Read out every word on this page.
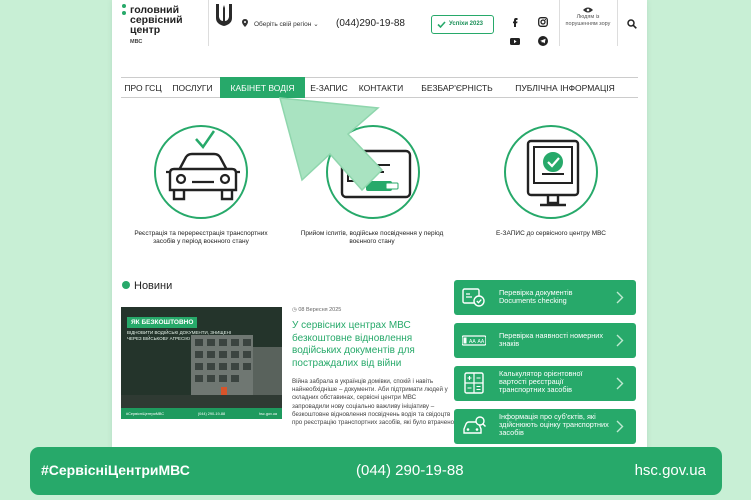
головний
сервісний
центр
МВС
Оберіть свій регіон ⌄ (044)290-19-88	Успіхи 2023
Людям із порушенням зору
ПРО ГСЦ	ПОСЛУГИ	КАБІНЕТ ВОДІЯ	Е-ЗАПИС	КОНТАКТИ	БЕЗБАР'ЄРНІСТЬ	ПУБЛІЧНА ІНФОРМАЦІЯ
Реєстрація та перереєстрація транспортних засобів у період воєнного стану
Прийом іспитів, водійське посвідчення у період воєнного стану
Е-ЗАПИС до сервісного центру МВС
Новини
ЯК БЕЗКОШТОВНО
ВІДНОВИТИ ВОДІЙСЬКІ ДОКУМЕНТИ, ЗНИЩЕНІ ЧЕРЕЗ ВІЙСЬКОВУ АГРЕСІЮ
#СервісніЦентриМВС	(044) 290-19-88	hsc.gov.ua
◷ 08 Вересня 2025
У сервісних центрах МВС безкоштовне відновлення водійських документів для постраждалих від війни
Війна забрала в українців домівки, спокій і навіть найнеобхідніше – документи. Аби підтримати людей у складних обставинах, сервісні центри МВС запровадили нову соціально важливу ініціативу – безкоштовне відновлення посвідчень водія та свідоцтв про реєстрацію транспортних засобів, які було втрачено
Перевірка документів Documents checking
AA AA
Перевірка наявності номерних знаків
Калькулятор орієнтовної вартості реєстрації транспортних засобів
Інформація про суб'єктів, які здійснюють оцінку транспортних засобів
#СервісніЦентриМВС	(044) 290-19-88	hsc.gov.ua
